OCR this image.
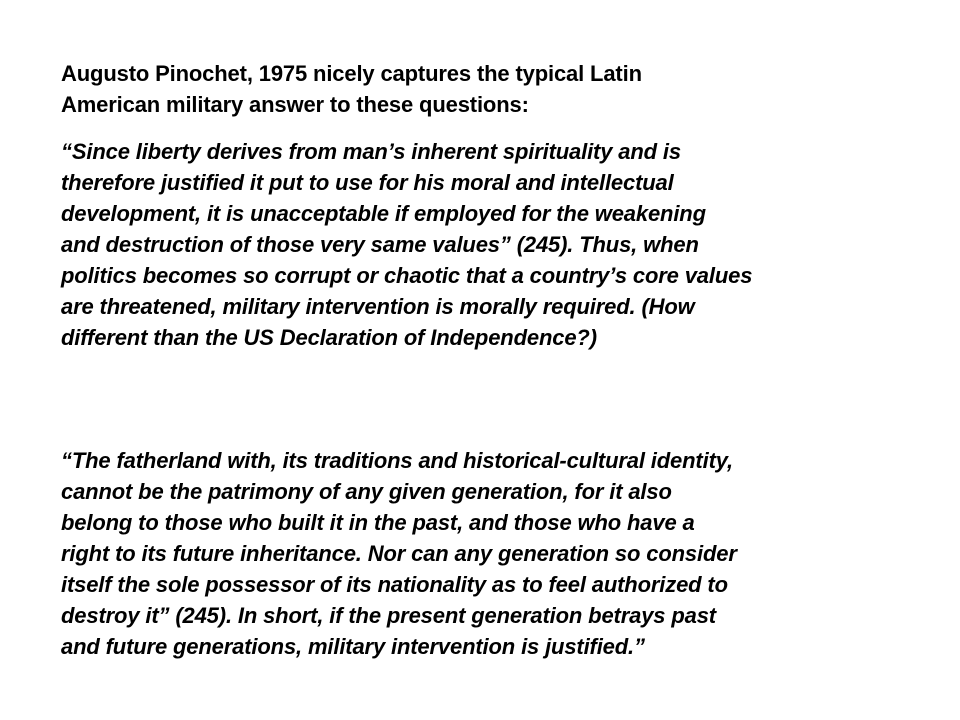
Augusto Pinochet, 1975 nicely captures the typical Latin
American military answer to these questions:

“Since liberty derives from man’s inherent spirituality and is
therefore justified it put to use for his moral and intellectual
development, it is unacceptable if employed for the weakening
and destruction of those very same values” (245). Thus, when
politics becomes so corrupt or chaotic that a country’s core values
are threatened, military intervention is morally required. (How
different than the US Declaration of Independence?)

“The fatherland with, its traditions and historical-cultural identity,
cannot be the patrimony of any given generation, for it also
belong to those who built it in the past, and those who have a
right to its future inheritance. Nor can any generation so consider
itself the sole possessor of its nationality as to feel authorized to
destroy it” (245). In short, if the present generation betrays past
and future generations, military intervention is justified.”
